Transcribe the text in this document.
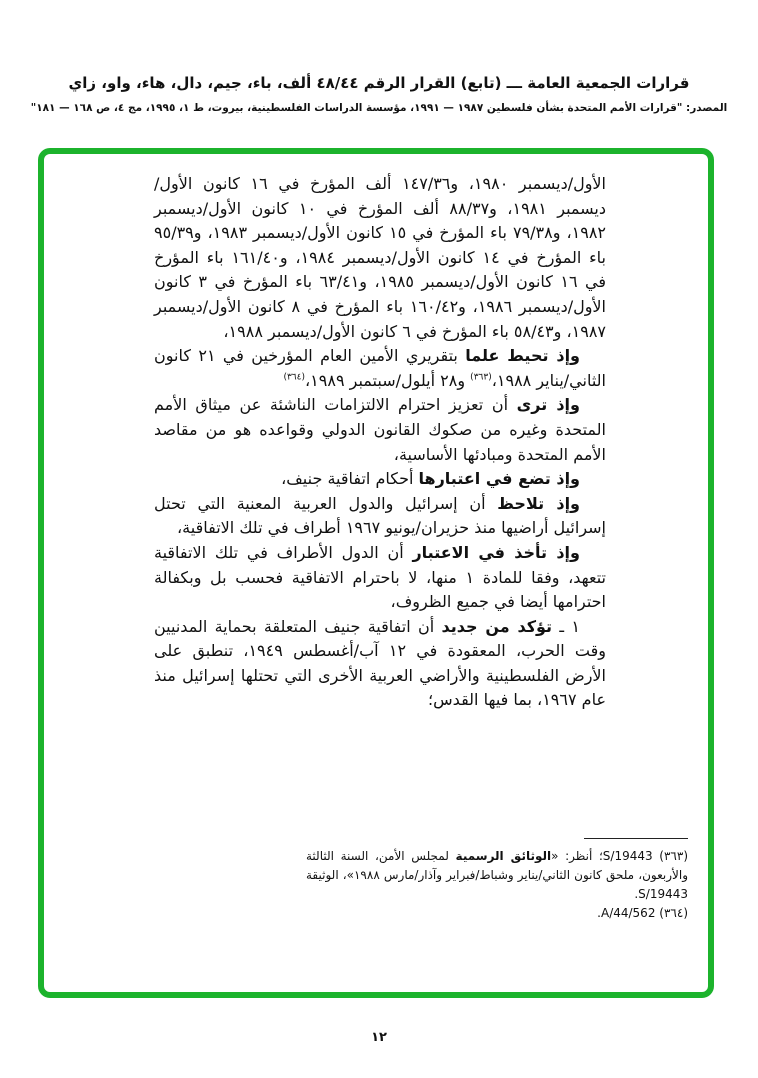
قرارات الجمعية العامة ـــ (تابع) القرار الرقم ٤٨/٤٤ ألف، باء، جيم، دال، هاء، واو، زاي
المصدر: "قرارات الأمم المتحدة بشأن فلسطين ١٩٨٧ — ١٩٩١، مؤسسة الدراسات الفلسطينية، بيروت، ط ١، ١٩٩٥، مج ٤، ص ١٦٨ — ١٨١"

الأول/ديسمبر ١٩٨٠، و١٤٧/٣٦ ألف المؤرخ في ١٦ كانون الأول/ديسمبر ١٩٨١، و٨٨/٣٧ ألف المؤرخ في ١٠ كانون الأول/ديسمبر ١٩٨٢، و٧٩/٣٨ باء المؤرخ في ١٥ كانون الأول/ديسمبر ١٩٨٣، و٩٥/٣٩ باء المؤرخ في ١٤ كانون الأول/ديسمبر ١٩٨٤، و١٦١/٤٠ باء المؤرخ في ١٦ كانون الأول/ديسمبر ١٩٨٥، و٦٣/٤١ باء المؤرخ في ٣ كانون الأول/ديسمبر ١٩٨٦، و١٦٠/٤٢ باء المؤرخ في ٨ كانون الأول/ديسمبر ١٩٨٧، و٥٨/٤٣ باء المؤرخ في ٦ كانون الأول/ديسمبر ١٩٨٨،

وإذ تحيط علما بتقريري الأمين العام المؤرخين في ٢١ كانون الثاني/يناير ١٩٨٨،$^{(٣٦٣)}$ و٢٨ أيلول/سبتمبر ١٩٨٩،$^{(٣٦٤)}$

وإذ ترى أن تعزيز احترام الالتزامات الناشئة عن ميثاق الأمم المتحدة وغيره من صكوك القانون الدولي وقواعده هو من مقاصد الأمم المتحدة ومبادئها الأساسية،

وإذ تضع في اعتبارها أحكام اتفاقية جنيف،

وإذ تلاحظ أن إسرائيل والدول العربية المعنية التي تحتل إسرائيل أراضيها منذ حزيران/يونيو ١٩٦٧ أطراف في تلك الاتفاقية،

وإذ تأخذ في الاعتبار أن الدول الأطراف في تلك الاتفاقية تتعهد، وفقا للمادة ١ منها، لا باحترام الاتفاقية فحسب بل وبكفالة احترامها أيضا في جميع الظروف،

١ ـ تؤكد من جديد أن اتفاقية جنيف المتعلقة بحماية المدنيين وقت الحرب، المعقودة في ١٢ آب/أغسطس ١٩٤٩، تنطبق على الأرض الفلسطينية والأراضي العربية الأخرى التي تحتلها إسرائيل منذ عام ١٩٦٧، بما فيها القدس؛

(٣٦٣) S/19443؛ أنظر: «الوثائق الرسمية لمجلس الأمن، السنة الثالثة والأربعون، ملحق كانون الثاني/يناير وشباط/فبراير وآذار/مارس ١٩٨٨»، الوثيقة S/19443.

(٣٦٤) A/44/562.

١٢
